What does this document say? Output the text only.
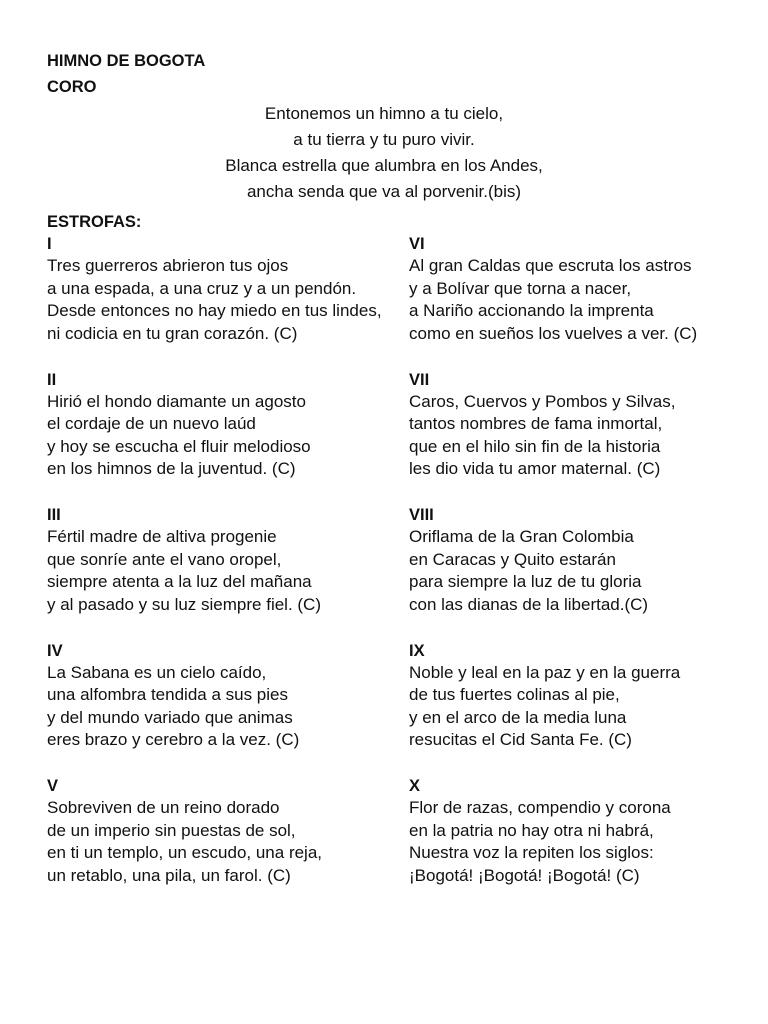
HIMNO DE BOGOTA
CORO
Entonemos un himno a tu cielo,
a tu tierra y tu puro vivir.
Blanca estrella que alumbra en los Andes,
ancha senda que va al porvenir.(bis)
ESTROFAS:
I
Tres guerreros abrieron tus ojos
a una espada, a una cruz y a un pendón.
Desde entonces no hay miedo en tus lindes,
ni codicia en tu gran corazón. (C)
II
Hirió el hondo diamante un agosto
el cordaje de un nuevo laúd
y hoy se escucha el fluir melodioso
en los himnos de la juventud. (C)
III
Fértil madre de altiva progenie
que sonríe ante el vano oropel,
siempre atenta a la luz del mañana
y al pasado y su luz siempre fiel. (C)
IV
La Sabana es un cielo caído,
una alfombra tendida a sus pies
y del mundo variado que animas
eres brazo y cerebro a la vez. (C)
V
Sobreviven de un reino dorado
de un imperio sin puestas de sol,
en ti un templo, un escudo, una reja,
un retablo, una pila, un farol. (C)
VI
Al gran Caldas que escruta los astros
y a Bolívar que torna a nacer,
a Nariño accionando la imprenta
como en sueños los vuelves a ver. (C)
VII
Caros, Cuervos y Pombos y Silvas,
tantos nombres de fama inmortal,
que en el hilo sin fin de la historia
les dio vida tu amor maternal. (C)
VIII
Oriflama de la Gran Colombia
en Caracas y Quito estarán
para siempre la luz de tu gloria
con las dianas de la libertad.(C)
IX
Noble y leal en la paz y en la guerra
de tus fuertes colinas al pie,
y en el arco de la media luna
resucitas el Cid Santa Fe. (C)
X
Flor de razas, compendio y corona
en la patria no hay otra ni habrá,
Nuestra voz la repiten los siglos:
¡Bogotá! ¡Bogotá! ¡Bogotá! (C)
